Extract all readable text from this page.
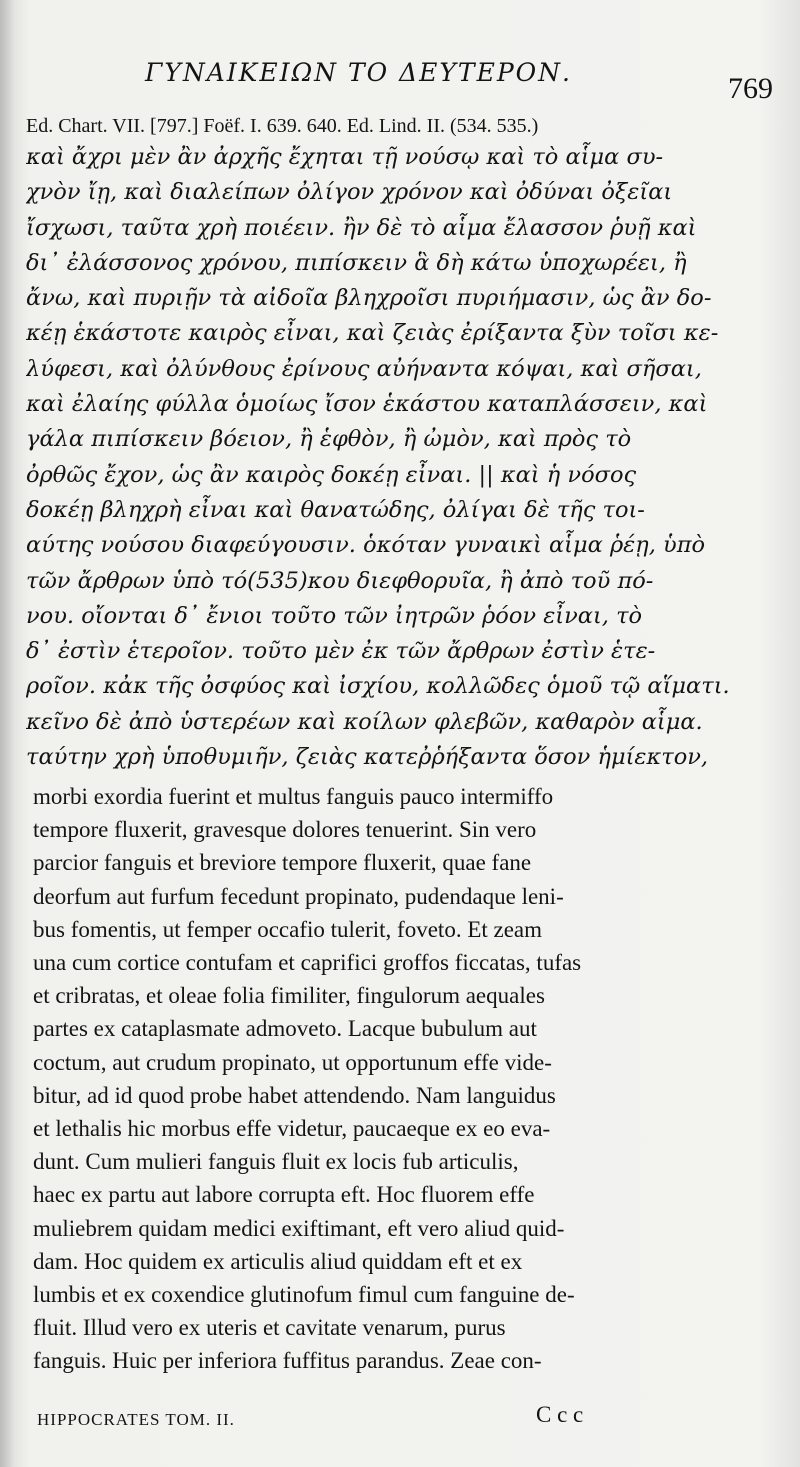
ΓΥΝΑΙΚΕΙΩΝ ΤΟ ΔΕΥΤΕΡΟΝ.	769
Ed. Chart. VII. [797.] Foëf. I. 639. 640. Ed. Lind. II. (534. 535.)
καὶ ἄχρι μὲν ἂν ἀρχῆς ἔχηται τῇ νούσῳ καὶ τὸ αἷμα συ-
χνὸν ἴῃ, καὶ διαλείπων ὀλίγον χρόνον καὶ ὀδύναι ὀξεῖαι
ἴσχωσι, ταῦτα χρὴ ποιέειν. ἢν δὲ τὸ αἷμα ἔλασσον ῥυῇ καὶ
δι᾽ ἐλάσσονος χρόνου, πιπίσκειν ἃ δὴ κάτω ὑποχωρέει, ἢ
ἄνω, καὶ πυριῇν τὰ αἰδοῖα βληχροῖσι πυριήμασιν, ὡς ἂν δο-
κέῃ ἑκάστοτε καιρὸς εἶναι, καὶ ζειὰς ἐρίξαντα ξὺν τοῖσι κε-
λύφεσι, καὶ ὀλύνθους ἐρίνους αὐήναντα κόψαι, καὶ σῆσαι,
καὶ ἐλαίης φύλλα ὁμοίως ἴσον ἑκάστου καταπλάσσειν, καὶ
γάλα πιπίσκειν βόειον, ἢ ἑφθὸν, ἢ ὠμὸν, καὶ πρὸς τὸ
ὀρθῶς ἔχον, ὡς ἂν καιρὸς δοκέῃ εἶναι. || καὶ ἡ νόσος
δοκέῃ βληχρὴ εἶναι καὶ θανατώδης, ὀλίγαι δὲ τῆς τοι-
αύτης νούσου διαφεύγουσιν. ὁκόταν γυναικὶ αἷμα ῥέῃ, ὑπὸ
τῶν ἄρθρων ὑπὸ τό(535)κου διεφθορυῖα, ἢ ἀπὸ τοῦ πό-
νου. οἴονται δ᾽ ἔνιοι τοῦτο τῶν ἰητρῶν ῥόον εἶναι, τὸ
δ᾽ ἐστὶν ἑτεροῖον. τοῦτο μὲν ἐκ τῶν ἄρθρων ἐστὶν ἑτε-
ροῖον. κἀκ τῆς ὀσφύος καὶ ἰσχίου, κολλῶδες ὁμοῦ τῷ αἵματι.
κεῖνο δὲ ἀπὸ ὑστερέων καὶ κοίλων φλεβῶν, καθαρὸν αἷμα.
ταύτην χρὴ ὑποθυμιῆν, ζειὰς κατεῤῥήξαντα ὅσον ἡμίεκτον,
morbi exordia fuerint et multus fanguis pauco intermiffo
tempore fluxerit, gravesque dolores tenuerint. Sin vero
parcior fanguis et breviore tempore fluxerit, quae fane
deorfum aut furfum fecedunt propinato, pudendaque leni-
bus fomentis, ut femper occafio tulerit, foveto. Et zeam
una cum cortice contufam et caprifici groffos ficcatas, tufas
et cribratas, et oleae folia fimiliter, fingulorum aequales
partes ex cataplasmate admoveto. Lacque bubulum aut
coctum, aut crudum propinato, ut opportunum effe vide-
bitur, ad id quod probe habet attendendo. Nam languidus
et lethalis hic morbus effe videtur, paucaeque ex eo eva-
dunt. Cum mulieri fanguis fluit ex locis fub articulis,
haec ex partu aut labore corrupta eft. Hoc fluorem effe
muliebrem quidam medici exiftimant, eft vero aliud quid-
dam. Hoc quidem ex articulis aliud quiddam eft et ex
lumbis et ex coxendice glutinofum fimul cum fanguine de-
fluit. Illud vero ex uteris et cavitate venarum, purus
fanguis. Huic per inferiora fuffitus parandus. Zeae con-
HIPPOCRATES TOM. II.	C c c
